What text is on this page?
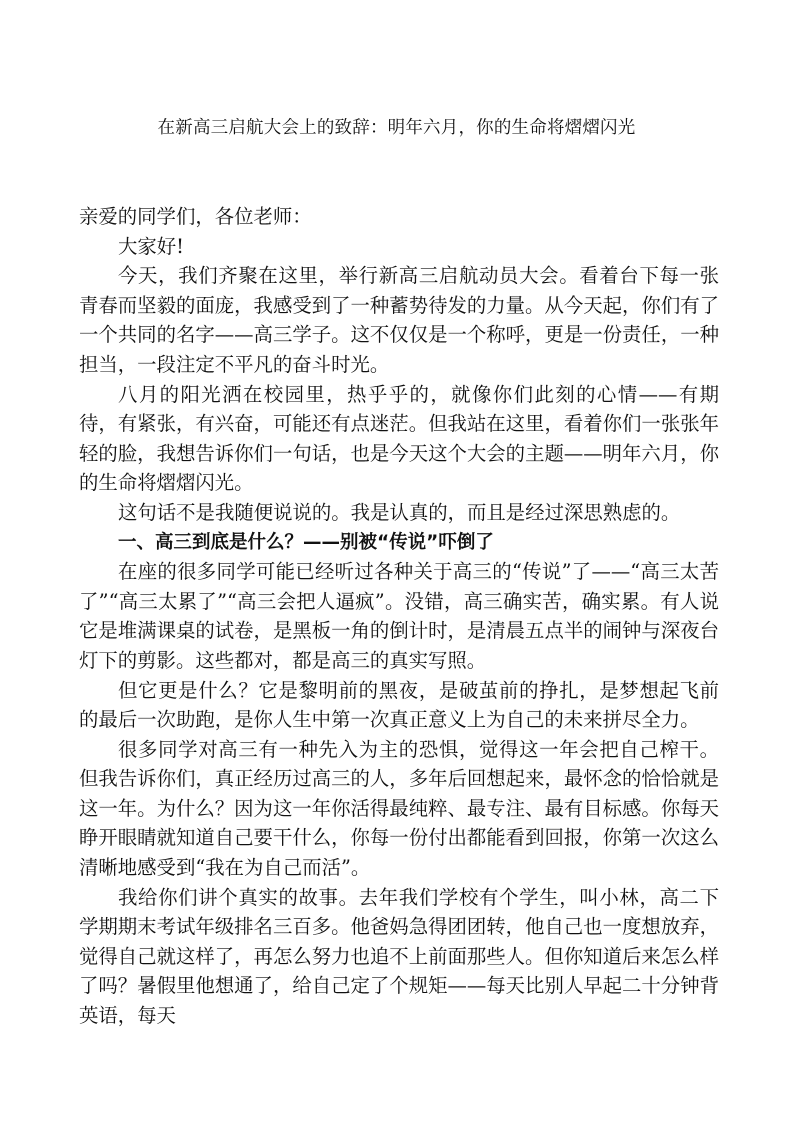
在新高三启航大会上的致辞：明年六月，你的生命将熠熠闪光

亲爱的同学们，各位老师：

大家好!

今天，我们齐聚在这里，举行新高三启航动员大会。看着台下每一张青春而坚毅的面庞，我感受到了一种蓄势待发的力量。从今天起，你们有了一个共同的名字——高三学子。这不仅仅是一个称呼，更是一份责任，一种担当，一段注定不平凡的奋斗时光。

八月的阳光洒在校园里，热乎乎的，就像你们此刻的心情——有期待，有紧张，有兴奋，可能还有点迷茫。但我站在这里，看着你们一张张年轻的脸，我想告诉你们一句话，也是今天这个大会的主题——明年六月，你的生命将熠熠闪光。

这句话不是我随便说说的。我是认真的，而且是经过深思熟虑的。

一、高三到底是什么？——别被“传说”吓倒了

在座的很多同学可能已经听过各种关于高三的“传说”了——“高三太苦了”“高三太累了”“高三会把人逼疯”。没错，高三确实苦，确实累。有人说它是堆满课桌的试卷，是黑板一角的倒计时，是清晨五点半的闹钟与深夜台灯下的剪影。这些都对，都是高三的真实写照。

但它更是什么？它是黎明前的黑夜，是破茧前的挣扎，是梦想起飞前的最后一次助跑，是你人生中第一次真正意义上为自己的未来拼尽全力。

很多同学对高三有一种先入为主的恐惧，觉得这一年会把自己榨干。但我告诉你们，真正经历过高三的人，多年后回想起来，最怀念的恰恰就是这一年。为什么？因为这一年你活得最纯粹、最专注、最有目标感。你每天睁开眼睛就知道自己要干什么，你每一份付出都能看到回报，你第一次这么清晰地感受到“我在为自己而活”。

我给你们讲个真实的故事。去年我们学校有个学生，叫小林，高二下学期期末考试年级排名三百多。他爸妈急得团团转，他自己也一度想放弃，觉得自己就这样了，再怎么努力也追不上前面那些人。但你知道后来怎么样了吗？暑假里他想通了，给自己定了个规矩——每天比别人早起二十分钟背英语，每天
